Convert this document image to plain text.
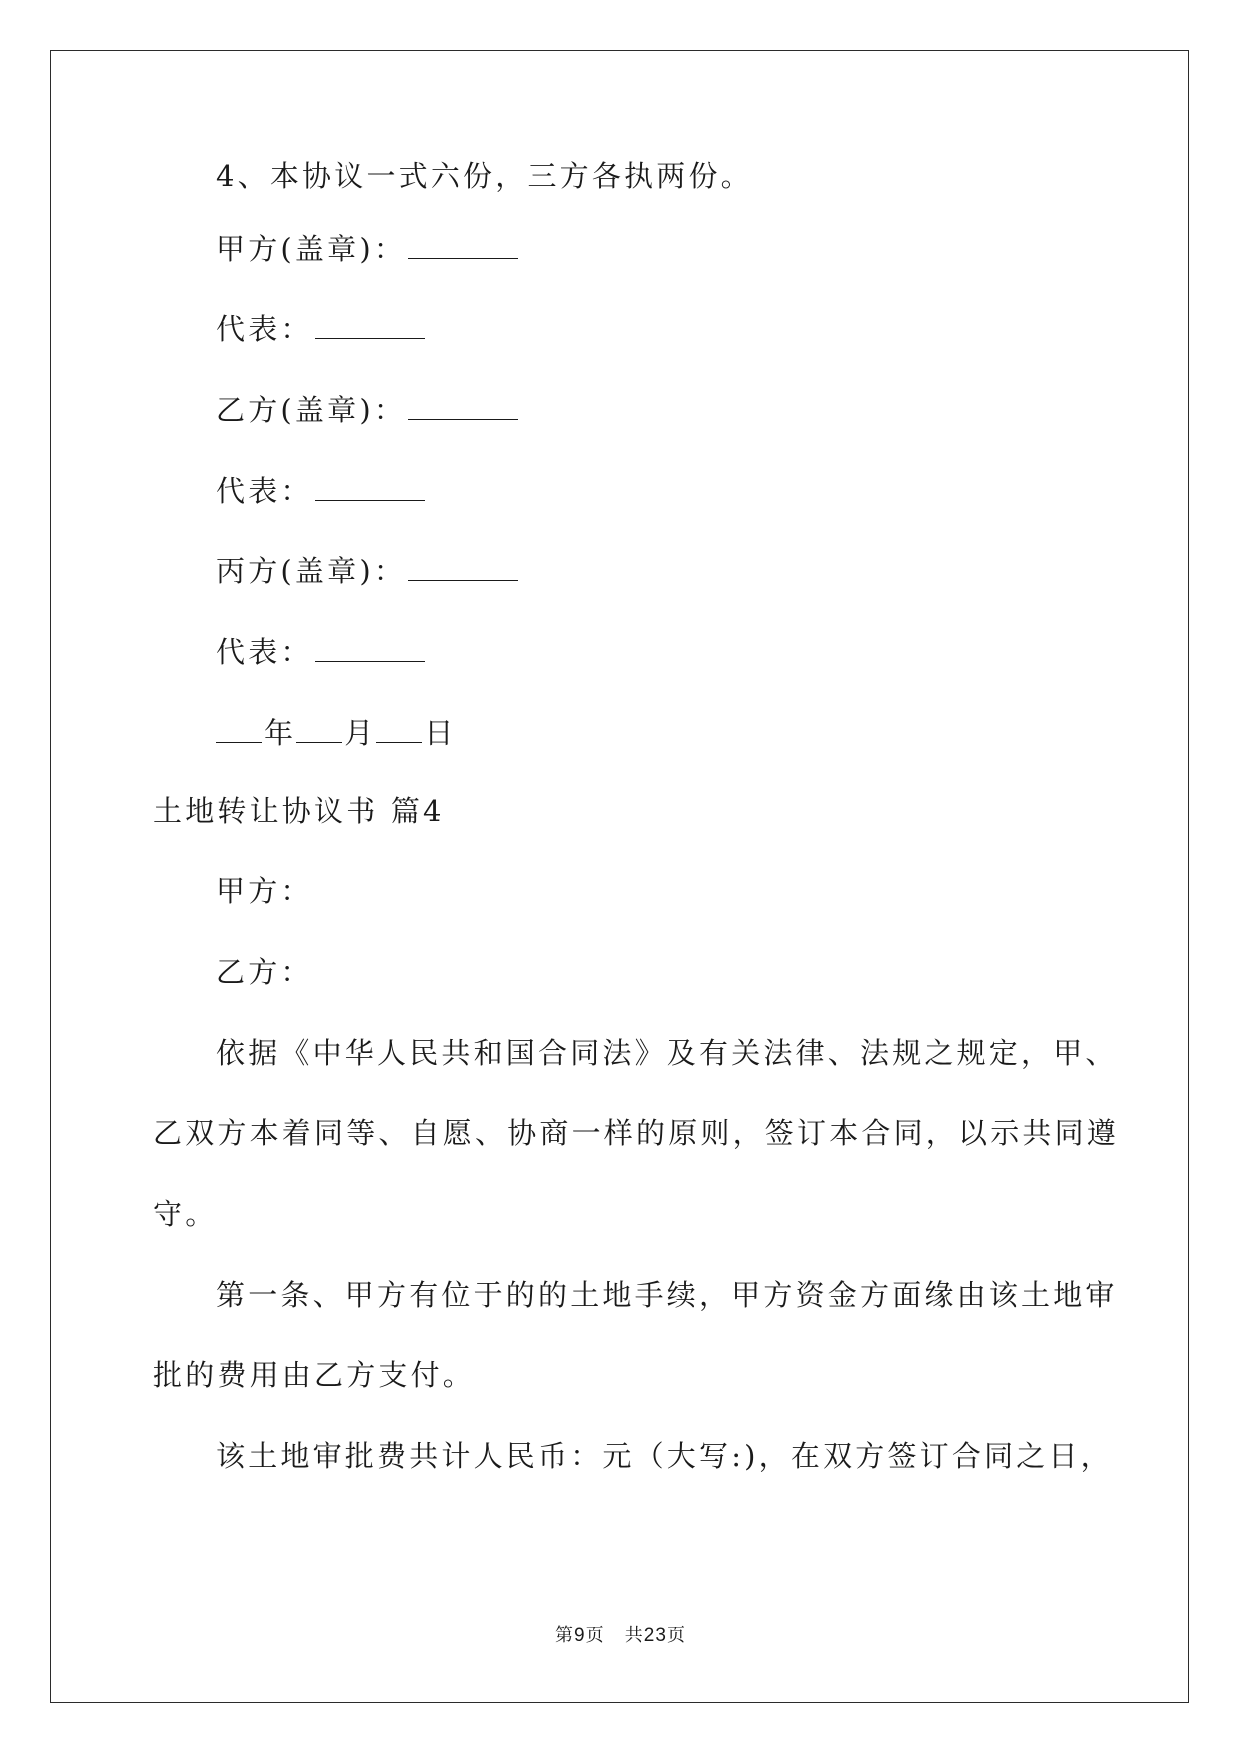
4、本协议一式六份，三方各执两份。
甲方(盖章)：
代表：
乙方(盖章)：
代表：
丙方(盖章)：
代表：
年 月 日
土地转让协议书 篇4
甲方：
乙方：
依据《中华人民共和国合同法》及有关法律、法规之规定，甲、
乙双方本着同等、自愿、协商一样的原则，签订本合同，以示共同遵
守。
第一条、甲方有位于的的土地手续，甲方资金方面缘由该土地审
批的费用由乙方支付。
该土地审批费共计人民币：元（大写:)，在双方签订合同之日，
第9页 共23页
